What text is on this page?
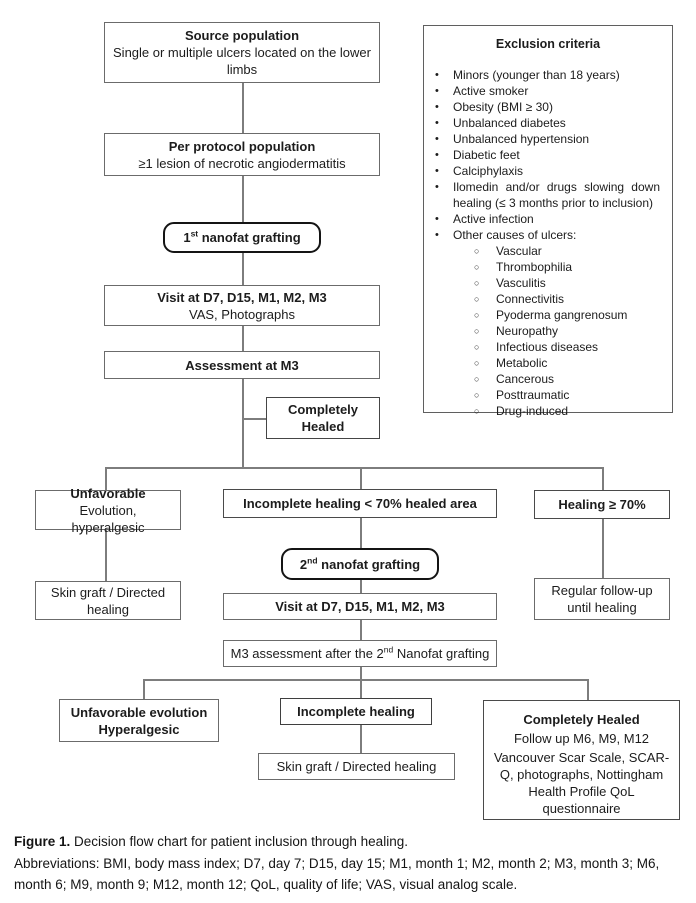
Source population
Single or multiple ulcers located on the lower limbs
Per protocol population
≥1 lesion of necrotic angiodermatitis
1st nanofat grafting
Visit at D7, D15, M1, M2, M3
VAS, Photographs
Assessment at M3
Completely
Healed
Exclusion criteria
•	Minors (younger than 18 years)
•	Active smoker
•	Obesity (BMI ≥ 30)
•	Unbalanced diabetes
•	Unbalanced hypertension
•	Diabetic feet
•	Calciphylaxis
•	Ilomedin and/or drugs slowing down healing (≤ 3 months prior to inclusion)
•	Active infection
•	Other causes of ulcers:
○	Vascular
○	Thrombophilia
○	Vasculitis
○	Connectivitis
○	Pyoderma gangrenosum
○	Neuropathy
○	Infectious diseases
○	Metabolic
○	Cancerous
○	Posttraumatic
○	Drug-induced
Unfavorable
Evolution, hyperalgesic
Incomplete healing < 70% healed area	Healing ≥ 70%
Skin graft / Directed
healing
2nd nanofat grafting
Visit at D7, D15, M1, M2, M3
M3 assessment after the 2nd Nanofat grafting
Regular follow-up
until healing
Unfavorable evolution
Hyperalgesic
Incomplete healing
Skin graft / Directed healing
Completely Healed
Follow up M6, M9, M12
Vancouver Scar Scale, SCAR-Q, photographs, Nottingham Health Profile QoL questionnaire
Figure 1. Decision flow chart for patient inclusion through healing.
Abbreviations: BMI, body mass index; D7, day 7; D15, day 15; M1, month 1; M2, month 2; M3, month 3; M6, month 6; M9, month 9; M12, month 12; QoL, quality of life; VAS, visual analog scale.
